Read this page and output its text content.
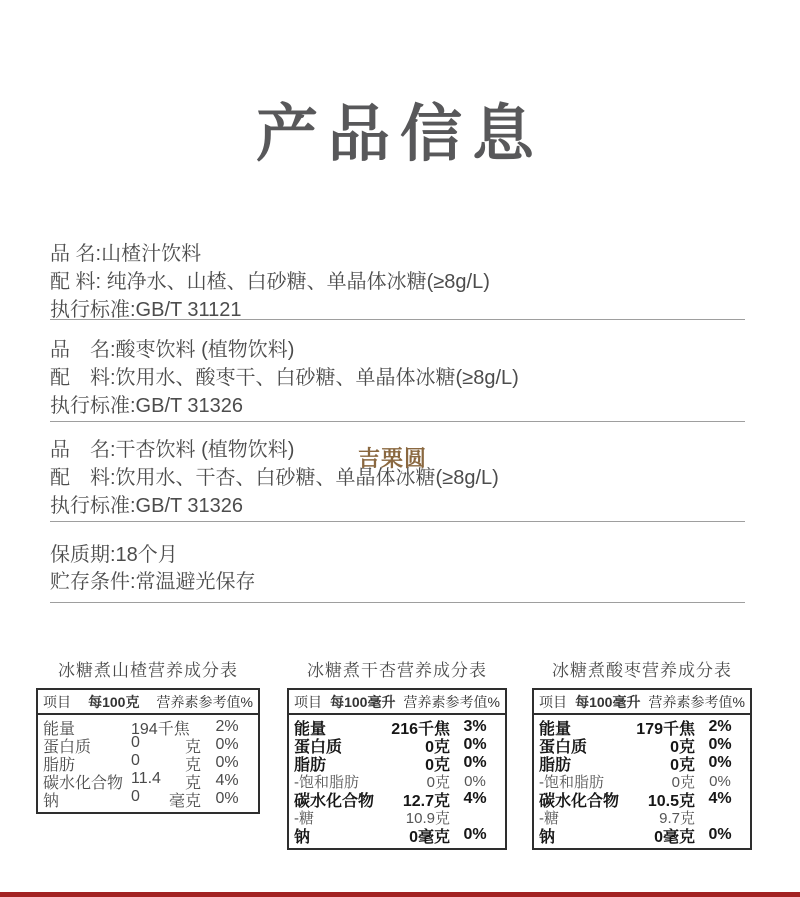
产品信息
品 名:山楂汁饮料
配 料: 纯净水、山楂、白砂糖、单晶体冰糖(≥8g/L)
执行标准:GB/T 31121
品　名:酸枣饮料 (植物饮料)
配　料:饮用水、酸枣干、白砂糖、单晶体冰糖(≥8g/L)
执行标准:GB/T 31326
品　名:干杏饮料 (植物饮料)
配　料:饮用水、干杏、白砂糖、单晶体冰糖(≥8g/L)
执行标准:GB/T 31326
吉栗圆
保质期:18个月
贮存条件:常温避光保存
冰糖煮山楂营养成分表
项目 每100克 营养素参考值%
能量	194千焦	2%
蛋白质	0	克 0%
脂肪	0	克 0%
碳水化合物 11.4 克 4%
钠	0 毫克 0%
冰糖煮干杏营养成分表
项目 每100毫升 营养素参考值%
能量	216千焦 3%
蛋白质	0克 0%
脂肪	0克 0%
-饱和脂肪	0克 0%
碳水化合物	12.7克 4%
-糖	10.9克
钠	0毫克 0%
冰糖煮酸枣营养成分表
项目 每100毫升 营养素参考值%
能量	179千焦 2%
蛋白质	0克 0%
脂肪	0克 0%
-饱和脂肪	0克 0%
碳水化合物	10.5克 4%
-糖	9.7克
钠	0毫克 0%
